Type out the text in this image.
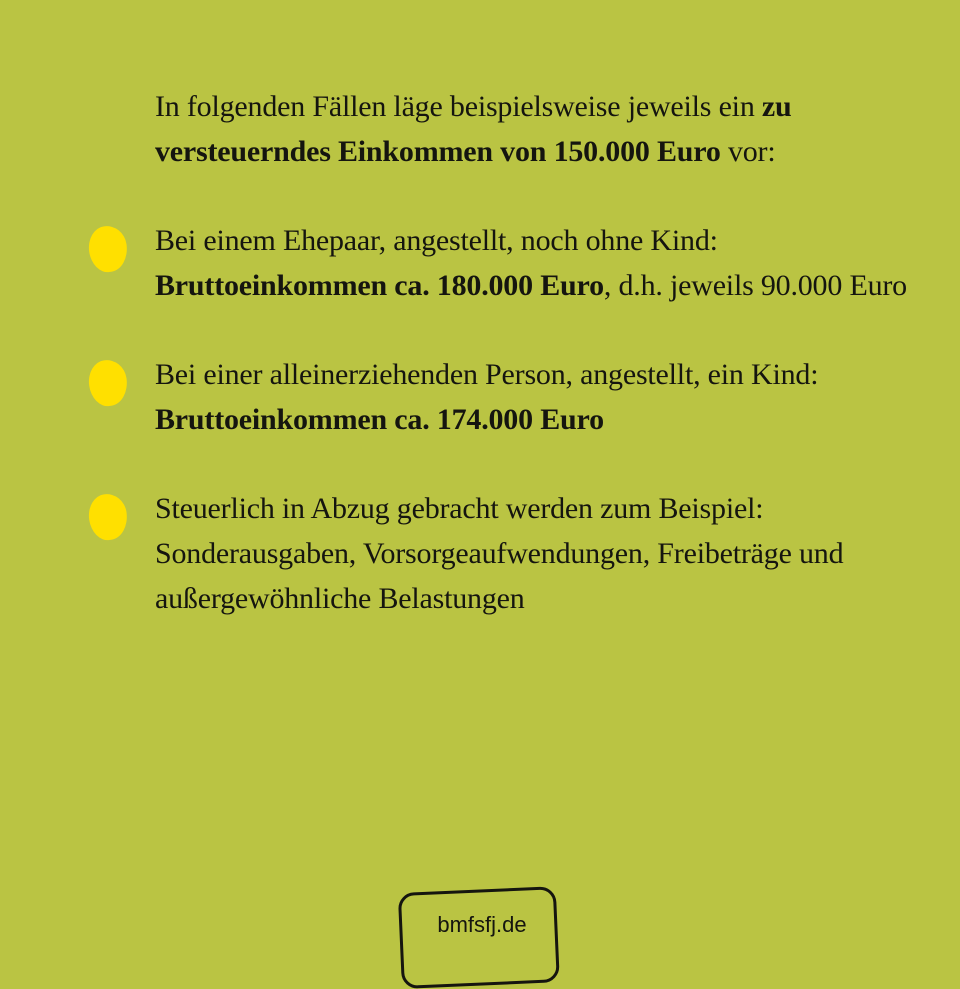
In folgenden Fällen läge beispielsweise jeweils ein zu versteuerndes Einkommen von 150.000 Euro vor:

Bei einem Ehepaar, angestellt, noch ohne Kind: Bruttoeinkommen ca. 180.000 Euro, d.h. jeweils 90.000 Euro

Bei einer alleinerziehenden Person, angestellt, ein Kind: Bruttoeinkommen ca. 174.000 Euro

Steuerlich in Abzug gebracht werden zum Beispiel: Sonderausgaben, Vorsorgeaufwendungen, Freibeträge und außergewöhnliche Belastungen

bmfsfj.de
